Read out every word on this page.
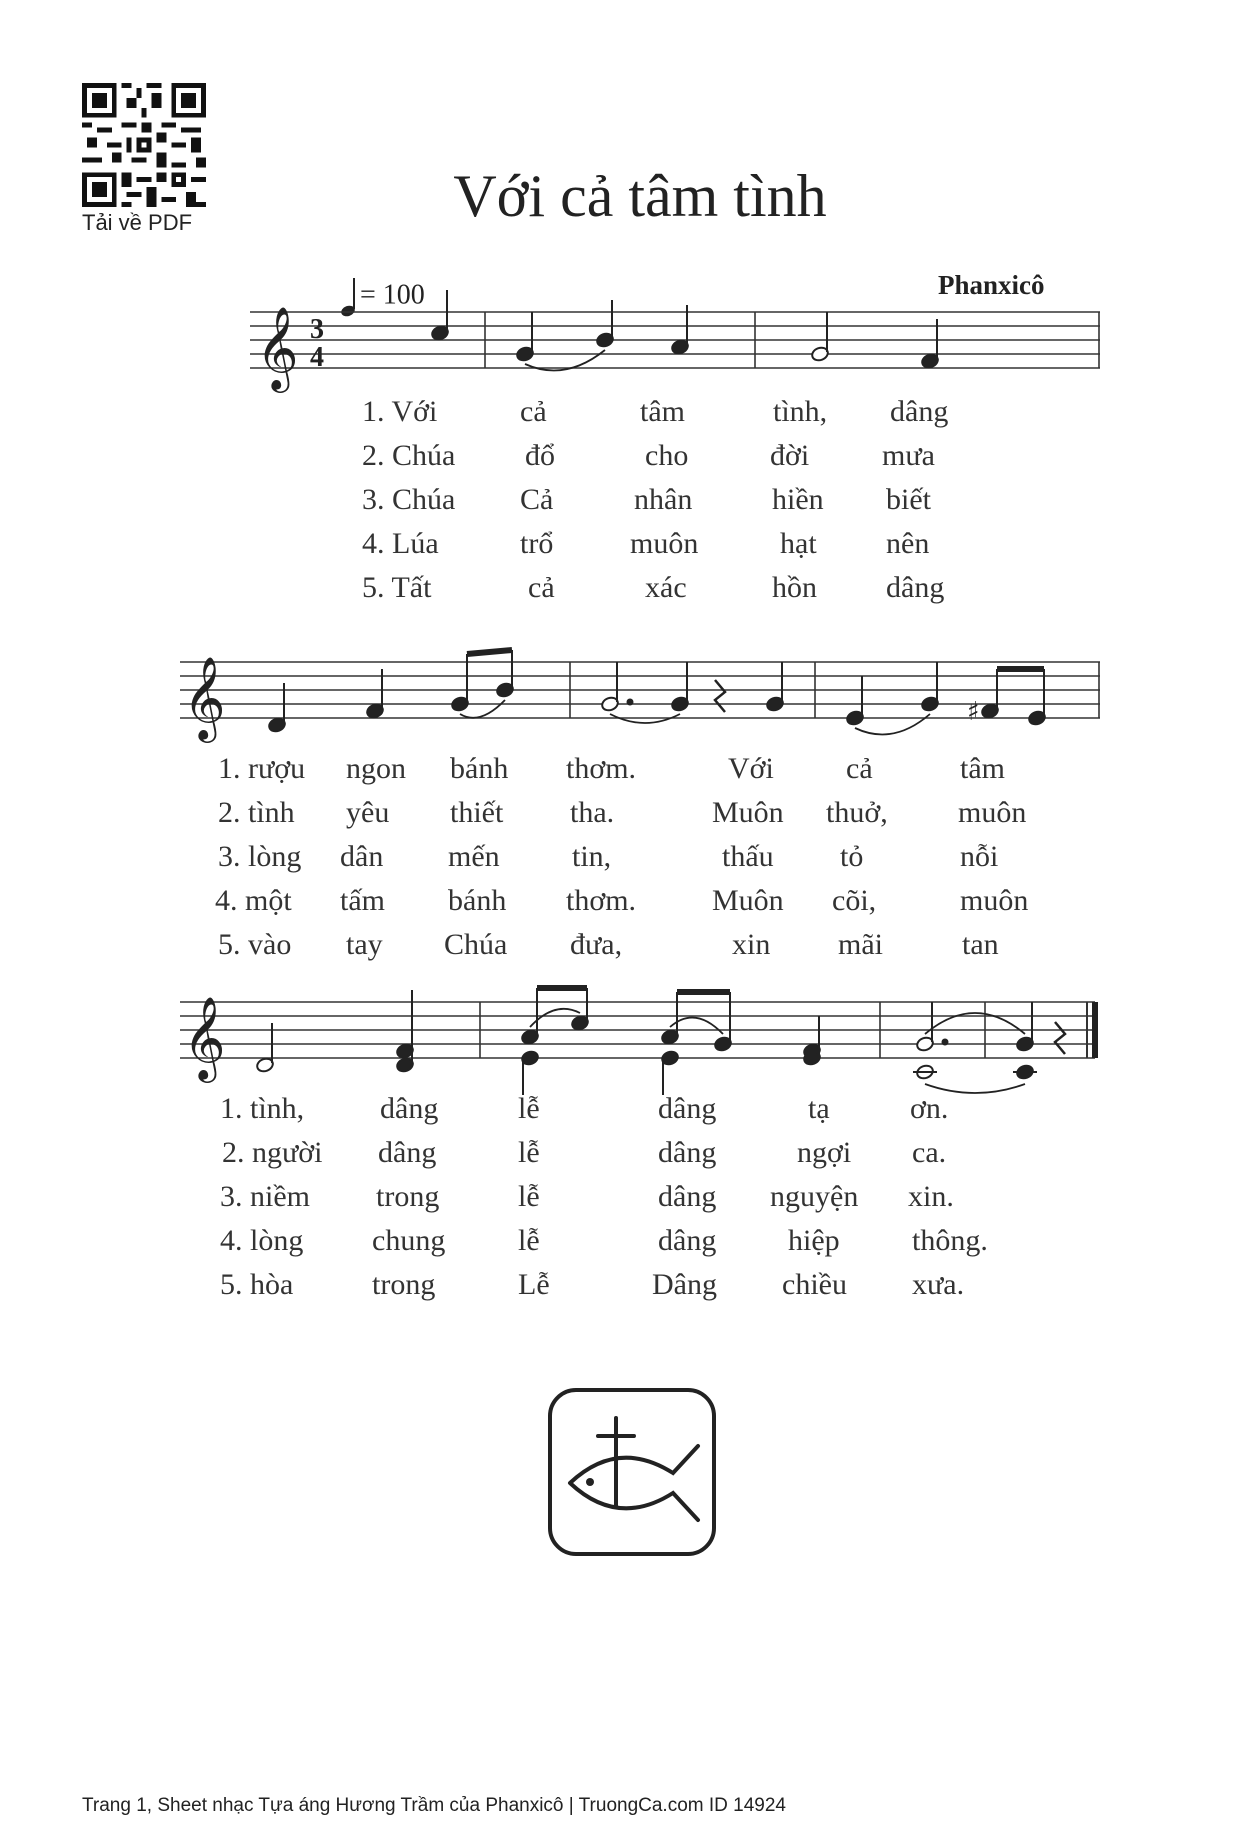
Tải về PDF	Với cả tâm tình
= 100	Phanxicô
𝄞 3
4
1. Với	cả	tâm	tình, dâng
2. Chúa đổ	cho	đời mưa
3. Chúa Cả	nhân	hiền biết
4. Lúa	trổ	muôn	hạt nên
5. Tất	cả	xác	hồn dâng
𝄞	♯
1. rượu ngon bánh thơm.	Với cả	tâm
2. tình yêu thiết tha.	Muôn thuở, muôn
3. lòng dân mến tin,	thấu tỏ	nỗi
4. một tấm bánh thơm.	Muôn cõi,	muôn
5. vào tay Chúa đưa,	xin mãi	tan
𝄞
1. tình,	dâng	lễ	dâng	tạ	ơn.
2. người dâng	lễ	dâng	ngợi ca.
3. niềm trong	lễ	dâng nguyện xin.
4. lòng chung lễ	dâng hiệp thông.
5. hòa	trong	Lễ	Dâng chiều xưa.
Trang 1, Sheet nhạc Tựa áng Hương Trầm của Phanxicô | TruongCa.com ID 14924
